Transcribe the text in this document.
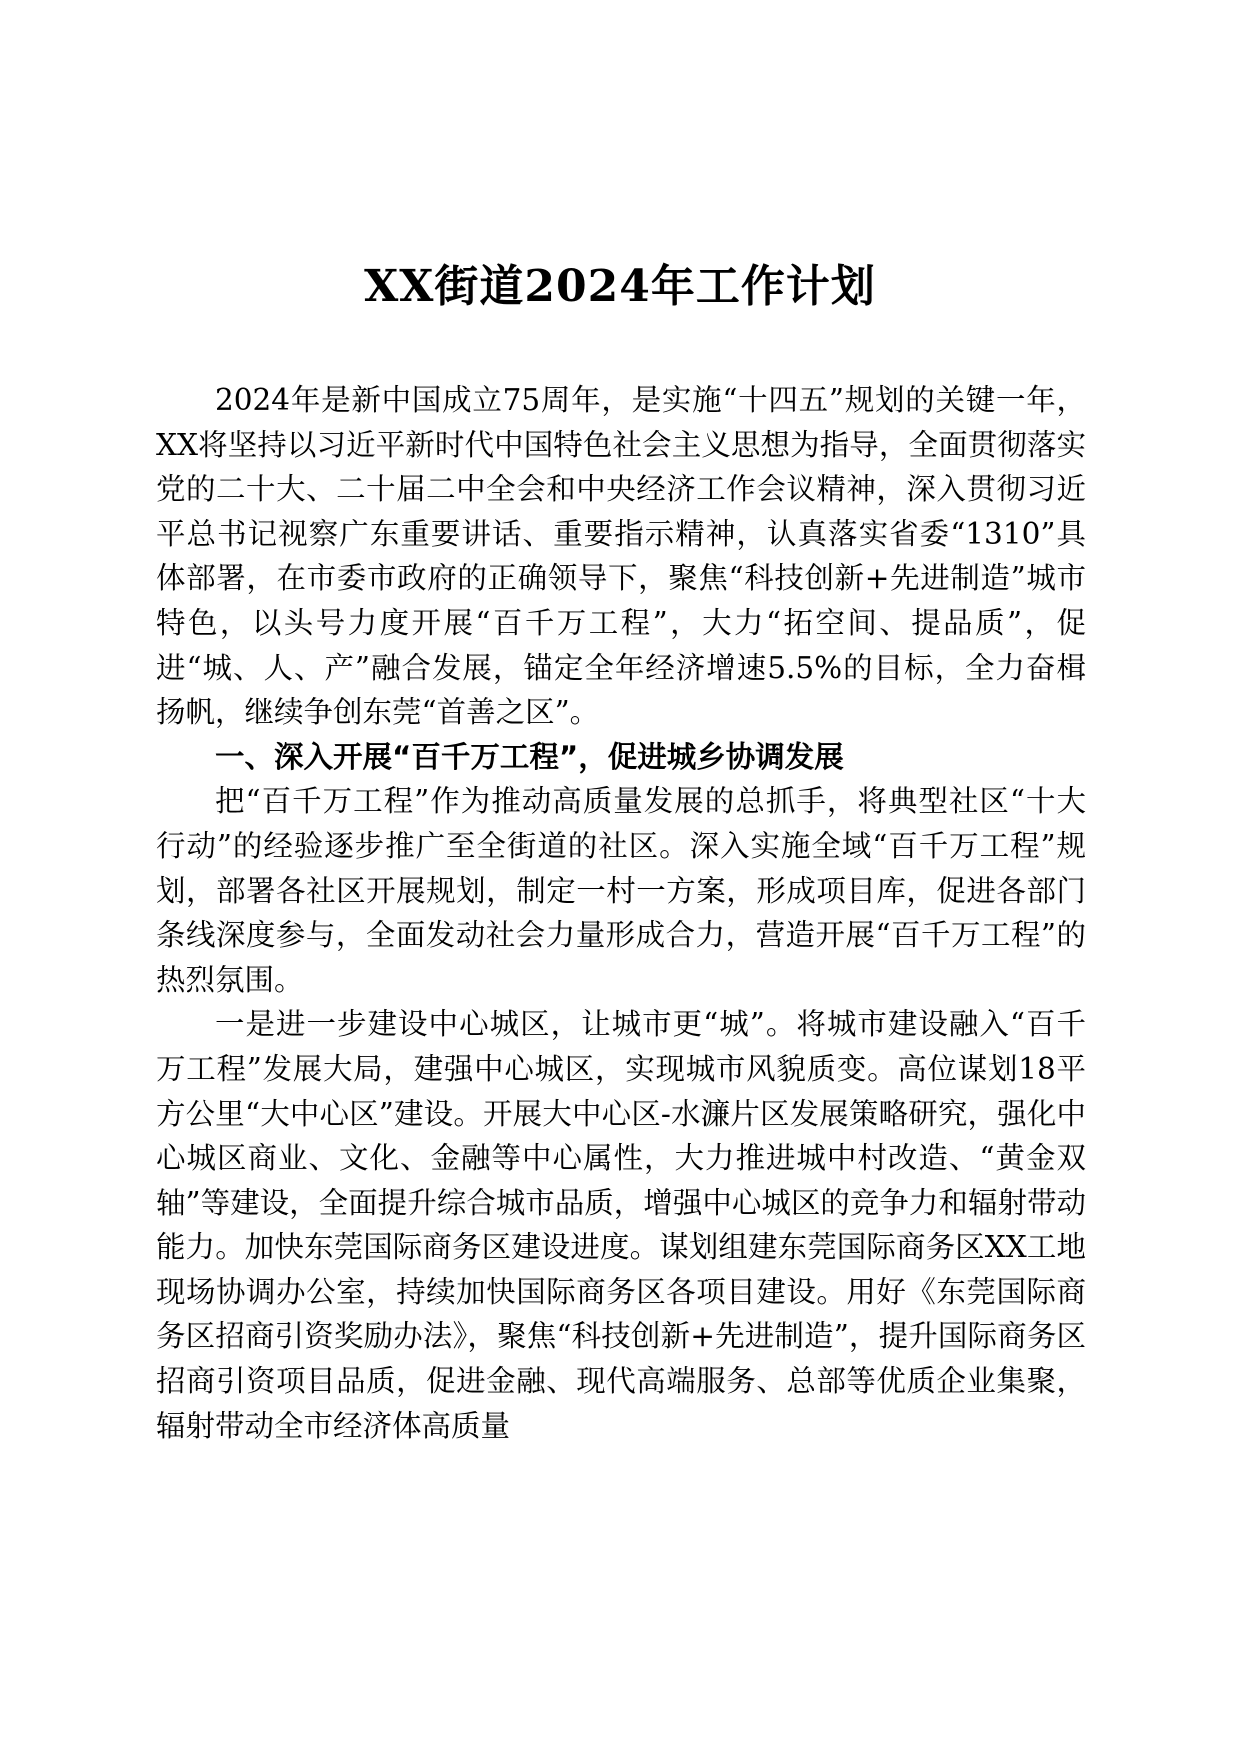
XX街道2024年工作计划

2024年是新中国成立75周年，是实施“十四五”规划的关键一年，XX将坚持以习近平新时代中国特色社会主义思想为指导，全面贯彻落实党的二十大、二十届二中全会和中央经济工作会议精神，深入贯彻习近平总书记视察广东重要讲话、重要指示精神，认真落实省委“1310”具体部署，在市委市政府的正确领导下，聚焦“科技创新+先进制造”城市特色，以头号力度开展“百千万工程”，大力“拓空间、提品质”，促进“城、人、产”融合发展，锚定全年经济增速5.5%的目标，全力奋楫扬帆，继续争创东莞“首善之区”。

一、深入开展“百千万工程”，促进城乡协调发展

把“百千万工程”作为推动高质量发展的总抓手，将典型社区“十大行动”的经验逐步推广至全街道的社区。深入实施全域“百千万工程”规划，部署各社区开展规划，制定一村一方案，形成项目库，促进各部门条线深度参与，全面发动社会力量形成合力，营造开展“百千万工程”的热烈氛围。

一是进一步建设中心城区，让城市更“城”。将城市建设融入“百千万工程”发展大局，建强中心城区，实现城市风貌质变。高位谋划18平方公里“大中心区”建设。开展大中心区-水濂片区发展策略研究，强化中心城区商业、文化、金融等中心属性，大力推进城中村改造、“黄金双轴”等建设，全面提升综合城市品质，增强中心城区的竞争力和辐射带动能力。加快东莞国际商务区建设进度。谋划组建东莞国际商务区XX工地现场协调办公室，持续加快国际商务区各项目建设。用好《东莞国际商务区招商引资奖励办法》，聚焦“科技创新+先进制造”，提升国际商务区招商引资项目品质，促进金融、现代高端服务、总部等优质企业集聚，辐射带动全市经济体高质量
